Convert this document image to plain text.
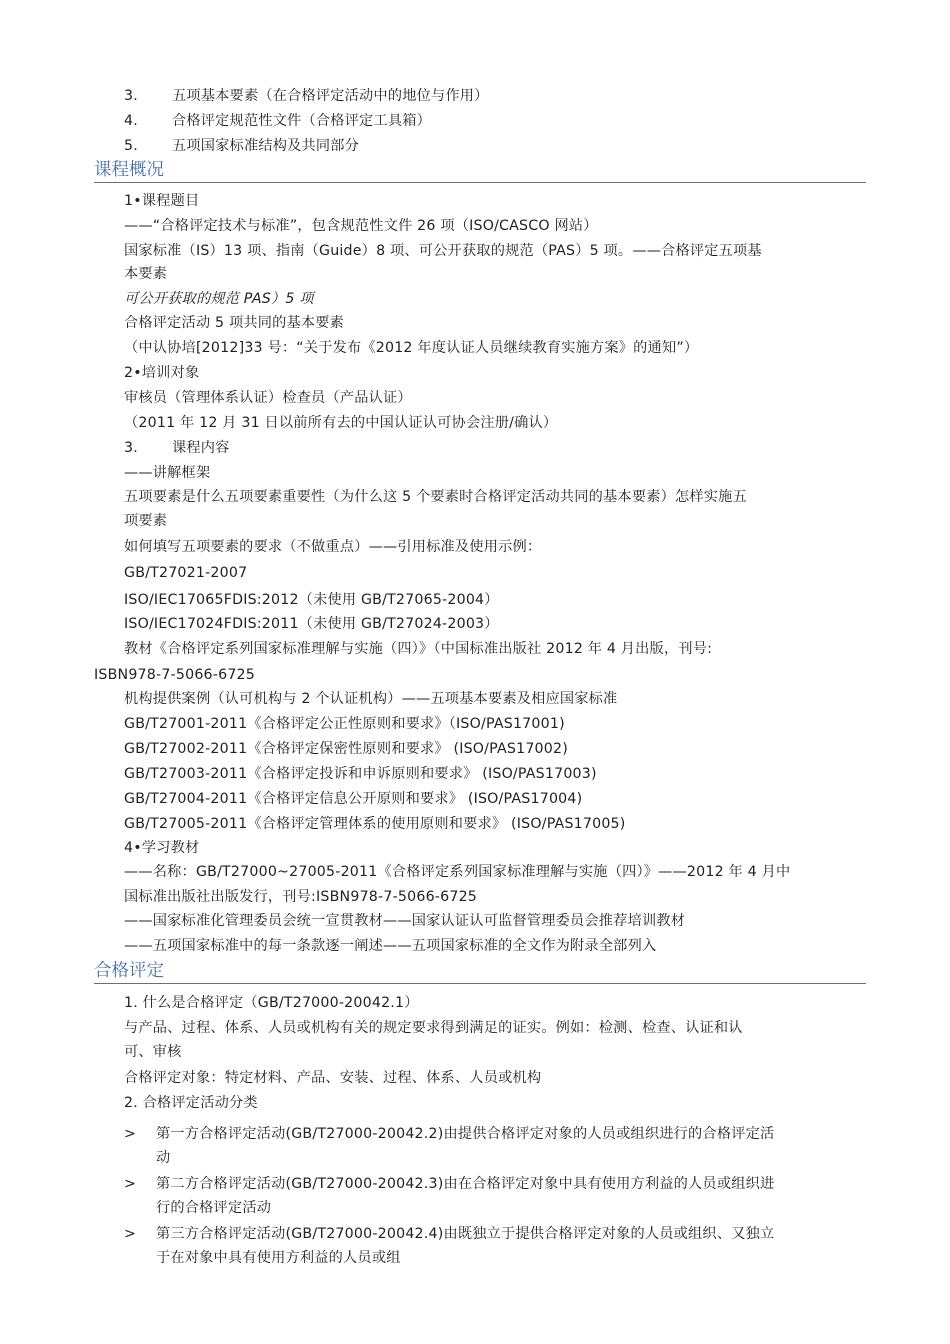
3. 五项基本要素（在合格评定活动中的地位与作用）
4. 合格评定规范性文件（合格评定工具箱）
5. 五项国家标准结构及共同部分
课程概况
1•课程题目
——“合格评定技术与标准”，包含规范性文件 26 项（ISO/CASCO 网站）
国家标准（IS）13 项、指南（Guide）8 项、可公开获取的规范（PAS）5 项。——合格评定五项基
本要素
可公开获取的规范 PAS）5 项
合格评定活动 5 项共同的基本要素
（中认协培[2012]33 号：“关于发布《2012 年度认证人员继续教育实施方案》的通知”）
2•培训对象
审核员（管理体系认证）检查员（产品认证）
（2011 年 12 月 31 日以前所有去的中国认证认可协会注册/确认）
3. 课程内容
——讲解框架
五项要素是什么五项要素重要性（为什么这 5 个要素时合格评定活动共同的基本要素）怎样实施五
项要素
如何填写五项要素的要求（不做重点）——引用标准及使用示例：
GB/T27021-2007
ISO/IEC17065FDIS:2012（未使用 GB/T27065-2004）
ISO/IEC17024FDIS:2011（未使用 GB/T27024-2003）
教材《合格评定系列国家标准理解与实施（四）》（中国标准出版社 2012 年 4 月出版，刊号:
ISBN978-7-5066-6725
机构提供案例（认可机构与 2 个认证机构）——五项基本要素及相应国家标准
GB/T27001-2011《合格评定公正性原则和要求》（ISO/PAS17001)
GB/T27002-2011《合格评定保密性原则和要求》 (ISO/PAS17002)
GB/T27003-2011《合格评定投诉和申诉原则和要求》 (ISO/PAS17003)
GB/T27004-2011《合格评定信息公开原则和要求》 (ISO/PAS17004)
GB/T27005-2011《合格评定管理体系的使用原则和要求》 (ISO/PAS17005)
4•学习教材
——名称：GB/T27000~27005-2011《合格评定系列国家标准理解与实施（四）》——2012 年 4 月中
国标准出版社出版发行，刊号:ISBN978-7-5066-6725
——国家标准化管理委员会统一宣贯教材——国家认证认可监督管理委员会推荐培训教材
——五项国家标准中的每一条款逐一阐述——五项国家标准的全文作为附录全部列入
合格评定
1. 什么是合格评定（GB/T27000-20042.1）
与产品、过程、体系、人员或机构有关的规定要求得到满足的证实。例如：检测、检查、认证和认
可、审核
合格评定对象：特定材料、产品、安装、过程、体系、人员或机构
2. 合格评定活动分类
> 第一方合格评定活动(GB/T27000-20042.2)由提供合格评定对象的人员或组织进行的合格评定活
动
> 第二方合格评定活动(GB/T27000-20042.3)由在合格评定对象中具有使用方利益的人员或组织进
行的合格评定活动
> 第三方合格评定活动(GB/T27000-20042.4)由既独立于提供合格评定对象的人员或组织、又独立
于在对象中具有使用方利益的人员或组
